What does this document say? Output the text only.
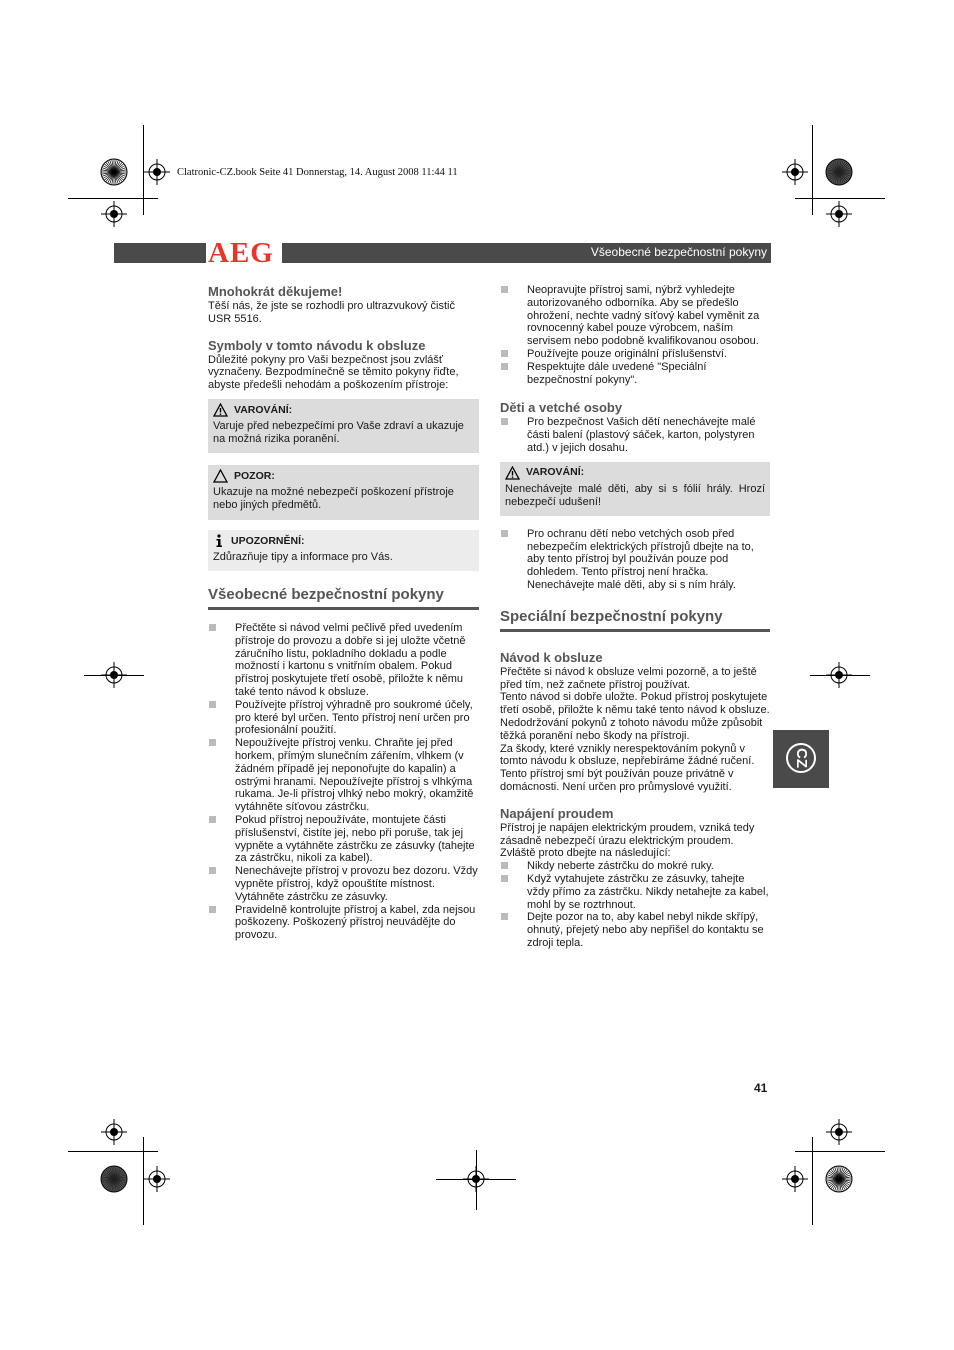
Clatronic-CZ.book Seite 41 Donnerstag, 14. August 2008 11:44 11
AEG	Všeobecné bezpečnostní pokyny
Mnohokrát děkujeme!

Těší nás, že jste se rozhodli pro ultrazvukový čistič USR 5516.

Symboly v tomto návodu k obsluze

Důležité pokyny pro Vaši bezpečnost jsou zvlášť vyznačeny. Bezpodmínečně se těmito pokyny řiďte, abyste předešli nehodám a poškozením přístroje:

VAROVÁNÍ:

Varuje před nebezpečími pro Vaše zdraví a ukazuje na možná rizika poranění.

POZOR:

Ukazuje na možné nebezpečí poškození přístroje nebo jiných předmětů.

UPOZORNĚNÍ:

Zdůrazňuje tipy a informace pro Vás.

Všeobecné bezpečnostní pokyny
Přečtěte si návod velmi pečlivě před uvedením přístroje do provozu a dobře si jej uložte včetně záručního listu, pokladního dokladu a podle možností i kartonu s vnitřním obalem. Pokud přístroj poskytujete třetí osobě, přiložte k němu také tento návod k obsluze.
Používejte přístroj výhradně pro soukromé účely, pro které byl určen. Tento přístroj není určen pro profesionální použití.
Nepoužívejte přístroj venku. Chraňte jej před horkem, přímým slunečním zářením, vlhkem (v žádném případě jej neponořujte do kapalin) a ostrými hranami. Nepoužívejte přístroj s vlhkýma rukama. Je-li přístroj vlhký nebo mokrý, okamžitě vytáhněte síťovou zástrčku.
Pokud přístroj nepoužíváte, montujete části příslušenství, čistíte jej, nebo při poruše, tak jej vypněte a vytáhněte zástrčku ze zásuvky (tahejte za zástrčku, nikoli za kabel).
Nenechávejte přístroj v provozu bez dozoru. Vždy vypněte přístroj, když opouštíte místnost. Vytáhněte zástrčku ze zásuvky.
Pravidelně kontrolujte přístroj a kabel, zda nejsou poškozeny. Poškozený přístroj neuvádějte do provozu.
Neopravujte přístroj sami, nýbrž vyhledejte autorizovaného odborníka. Aby se předešlo ohrožení, nechte vadný síťový kabel vyměnit za rovnocenný kabel pouze výrobcem, naším servisem nebo podobně kvalifikovanou osobou.
Používejte pouze originální příslušenství.
Respektujte dále uvedené "Speciální bezpečnostní pokyny".
Děti a vetché osoby
Pro bezpečnost Vašich dětí nenechávejte malé části balení (plastový sáček, karton, polystyren atd.) v jejich dosahu.
VAROVÁNÍ:

Nenechávejte malé děti, aby si s fólií hrály. Hrozí nebezpečí udušení!

Pro ochranu dětí nebo vetchých osob před nebezpečím elektrických přístrojů dbejte na to, aby tento přístroj byl používán pouze pod dohledem. Tento přístroj není hračka. Nenechávejte malé děti, aby si s ním hrály.
Speciální bezpečnostní pokyny
Návod k obsluze

Přečtěte si návod k obsluze velmi pozorně, a to ještě před tím, než začnete přístroj používat.

Tento návod si dobře uložte. Pokud přístroj poskytujete třetí osobě, přiložte k němu také tento návod k obsluze.

Nedodržování pokynů z tohoto návodu může způsobit těžká poranění nebo škody na přístroji.

Za škody, které vznikly nerespektováním pokynů v tomto návodu k obsluze, nepřebíráme žádné ručení.

Tento přístroj smí být používán pouze privátně v domácnosti. Není určen pro průmyslové využití.

Napájení proudem

Přístroj je napájen elektrickým proudem, vzniká tedy zásadně nebezpečí úrazu elektrickým proudem. Zvláště proto dbejte na následující:

Nikdy neberte zástrčku do mokré ruky.
Když vytahujete zástrčku ze zásuvky, tahejte vždy přímo za zástrčku. Nikdy netahejte za kabel, mohl by se roztrhnout.
Dejte pozor na to, aby kabel nebyl nikde skřípý, ohnutý, přejetý nebo aby nepřišel do kontaktu se zdroji tepla.
CZ
41
